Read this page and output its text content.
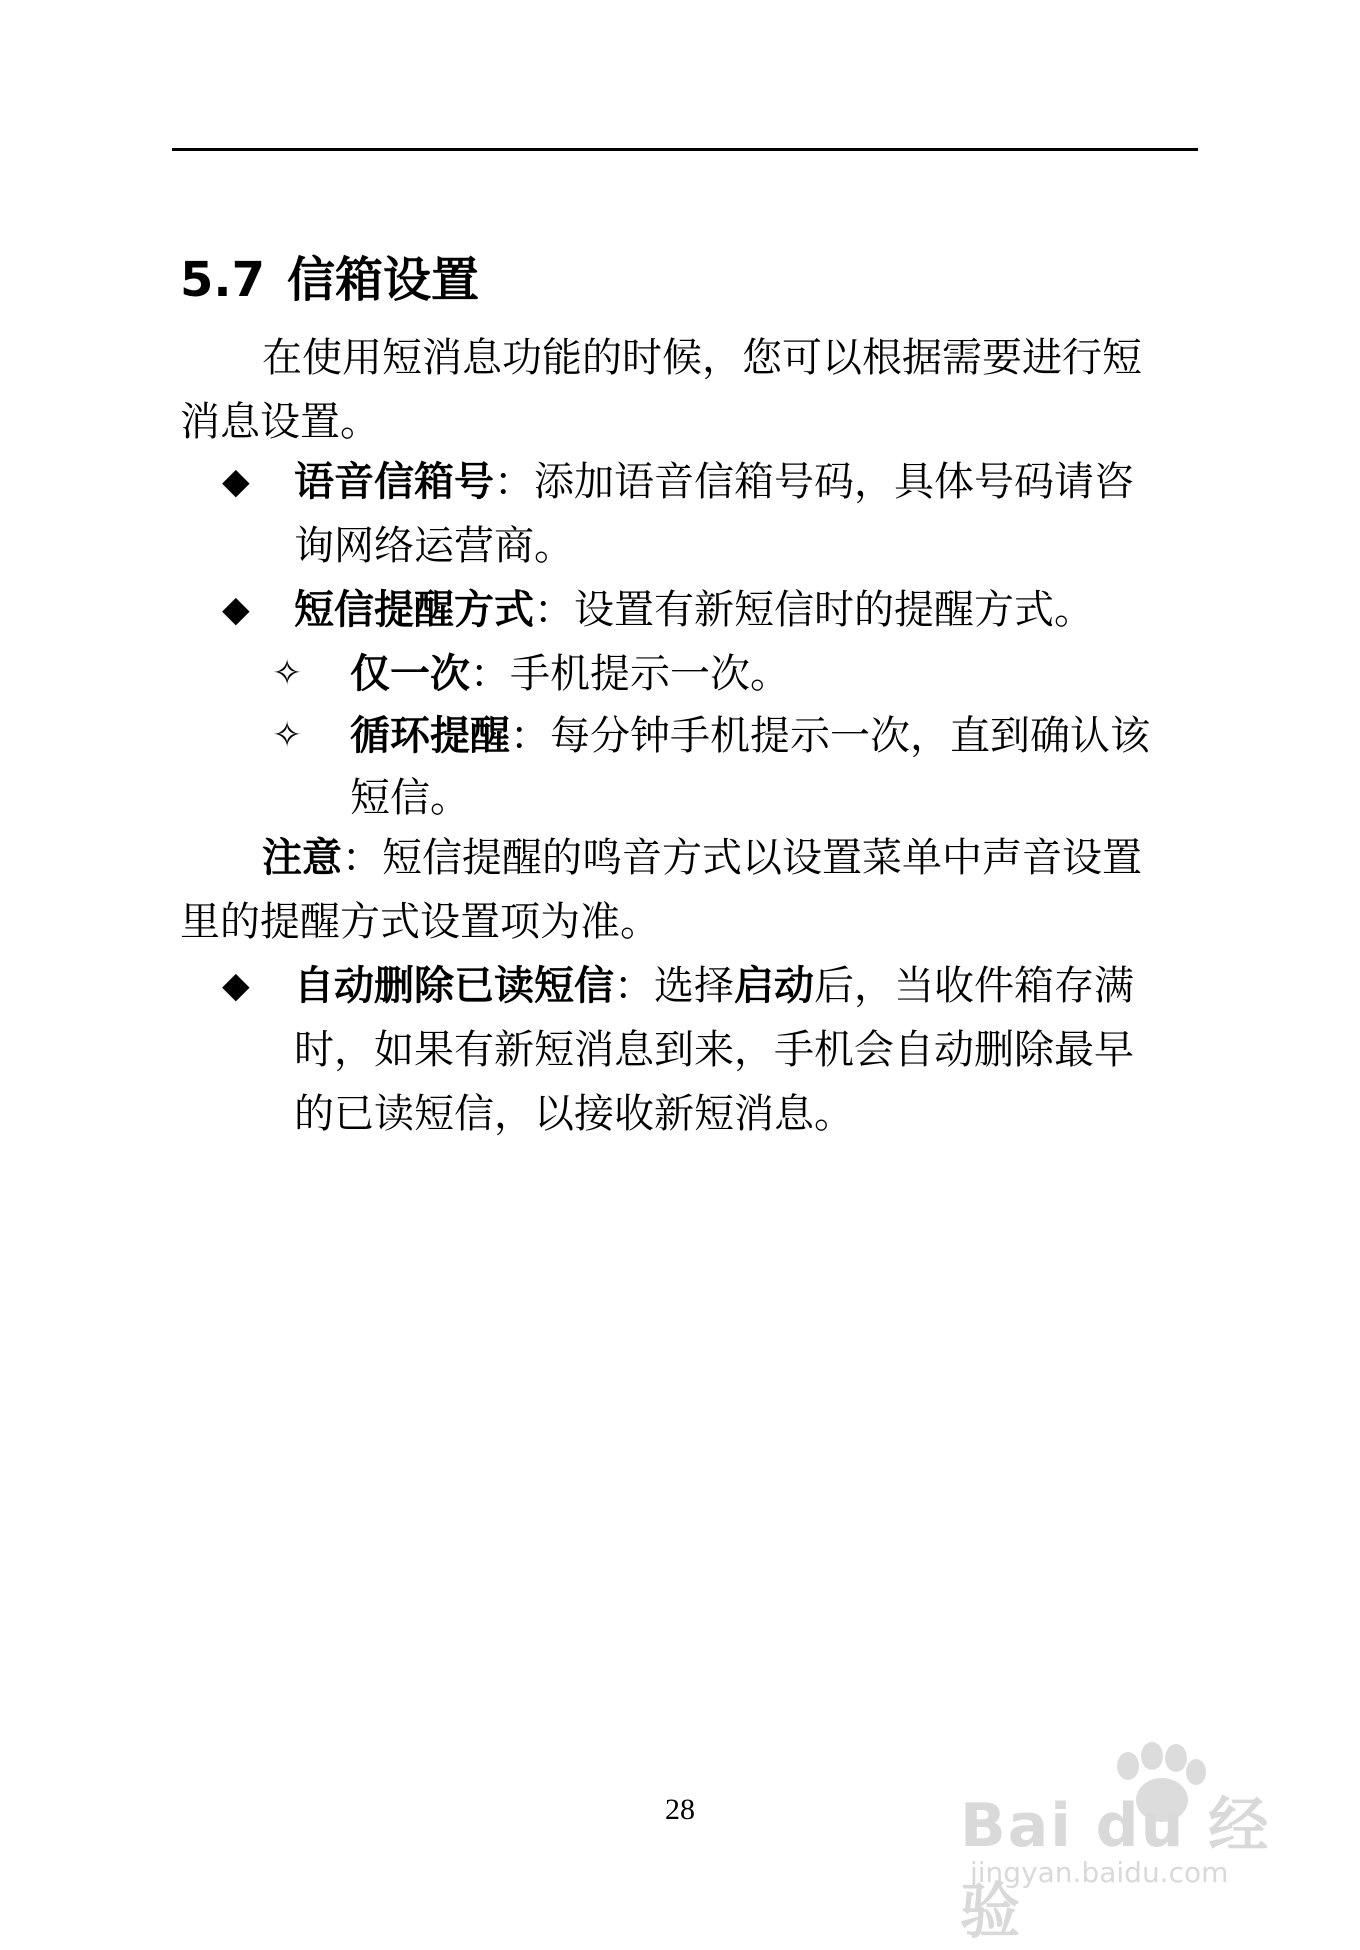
5.7 信箱设置
在使用短消息功能的时候，您可以根据需要进行短
消息设置。
◆ 语音信箱号：添加语音信箱号码，具体号码请咨
询网络运营商。
◆ 短信提醒方式：设置有新短信时的提醒方式。
✧ 仅一次：手机提示一次。
✧ 循环提醒：每分钟手机提示一次，直到确认该
短信。
注意：短信提醒的鸣音方式以设置菜单中声音设置
里的提醒方式设置项为准。
◆ 自动删除已读短信：选择启动后，当收件箱存满
时，如果有新短消息到来，手机会自动删除最早
的已读短信，以接收新短消息。
28	Bai du 经验
jingyan.baidu.com
